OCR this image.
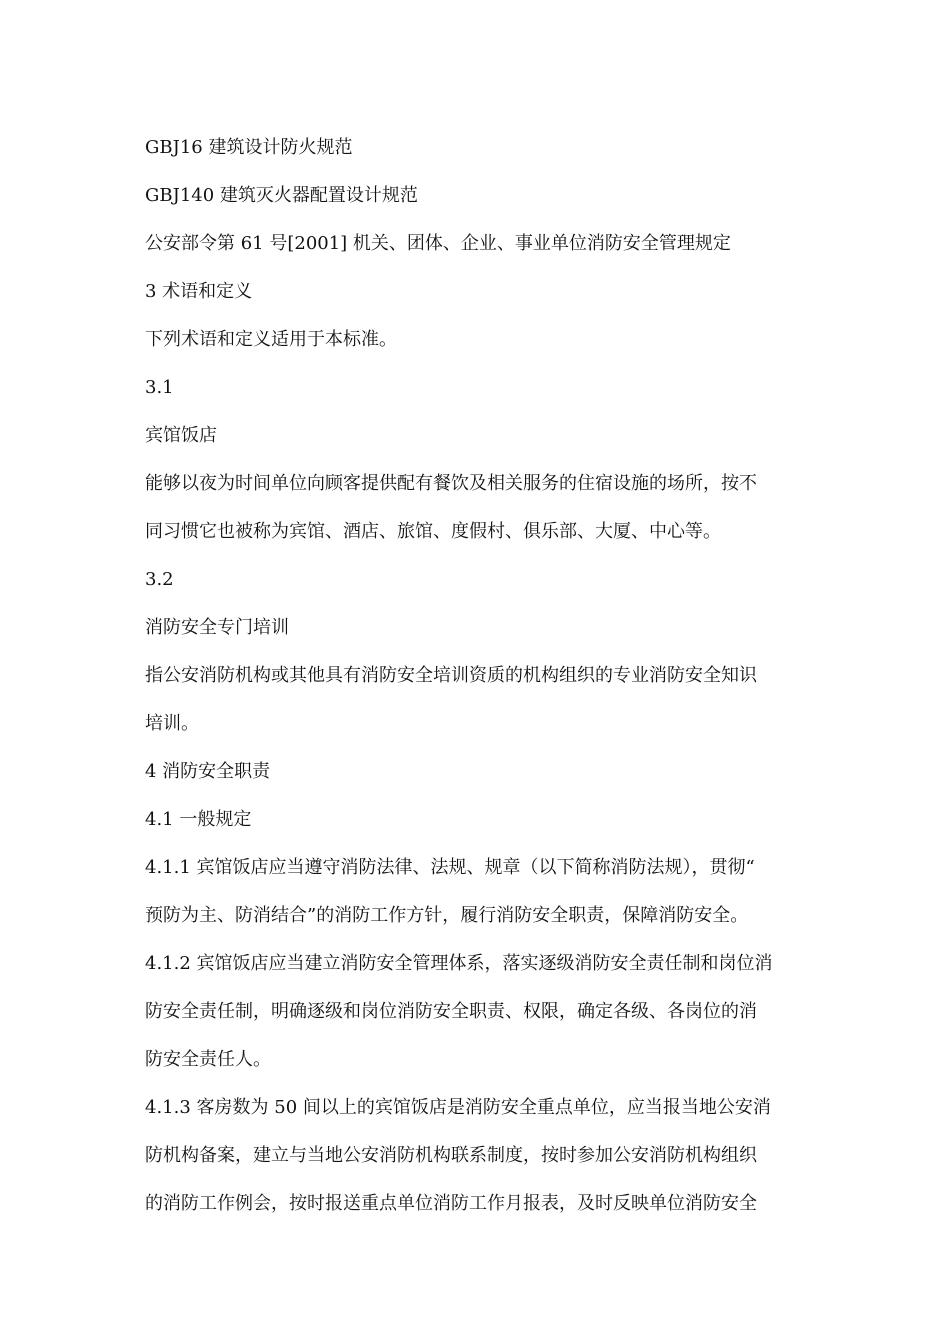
GBJ16 建筑设计防火规范
GBJ140 建筑灭火器配置设计规范
公安部令第 61 号[2001] 机关、团体、企业、事业单位消防安全管理规定
3 术语和定义
下列术语和定义适用于本标准。
3.1
宾馆饭店
能够以夜为时间单位向顾客提供配有餐饮及相关服务的住宿设施的场所，按不
同习惯它也被称为宾馆、酒店、旅馆、度假村、俱乐部、大厦、中心等。
3.2
消防安全专门培训
指公安消防机构或其他具有消防安全培训资质的机构组织的专业消防安全知识
培训。
4 消防安全职责
4.1 一般规定
4.1.1 宾馆饭店应当遵守消防法律、法规、规章（以下简称消防法规），贯彻“
预防为主、防消结合”的消防工作方针，履行消防安全职责，保障消防安全。
4.1.2 宾馆饭店应当建立消防安全管理体系，落实逐级消防安全责任制和岗位消
防安全责任制，明确逐级和岗位消防安全职责、权限，确定各级、各岗位的消
防安全责任人。
4.1.3 客房数为 50 间以上的宾馆饭店是消防安全重点单位，应当报当地公安消
防机构备案，建立与当地公安消防机构联系制度，按时参加公安消防机构组织
的消防工作例会，按时报送重点单位消防工作月报表，及时反映单位消防安全
